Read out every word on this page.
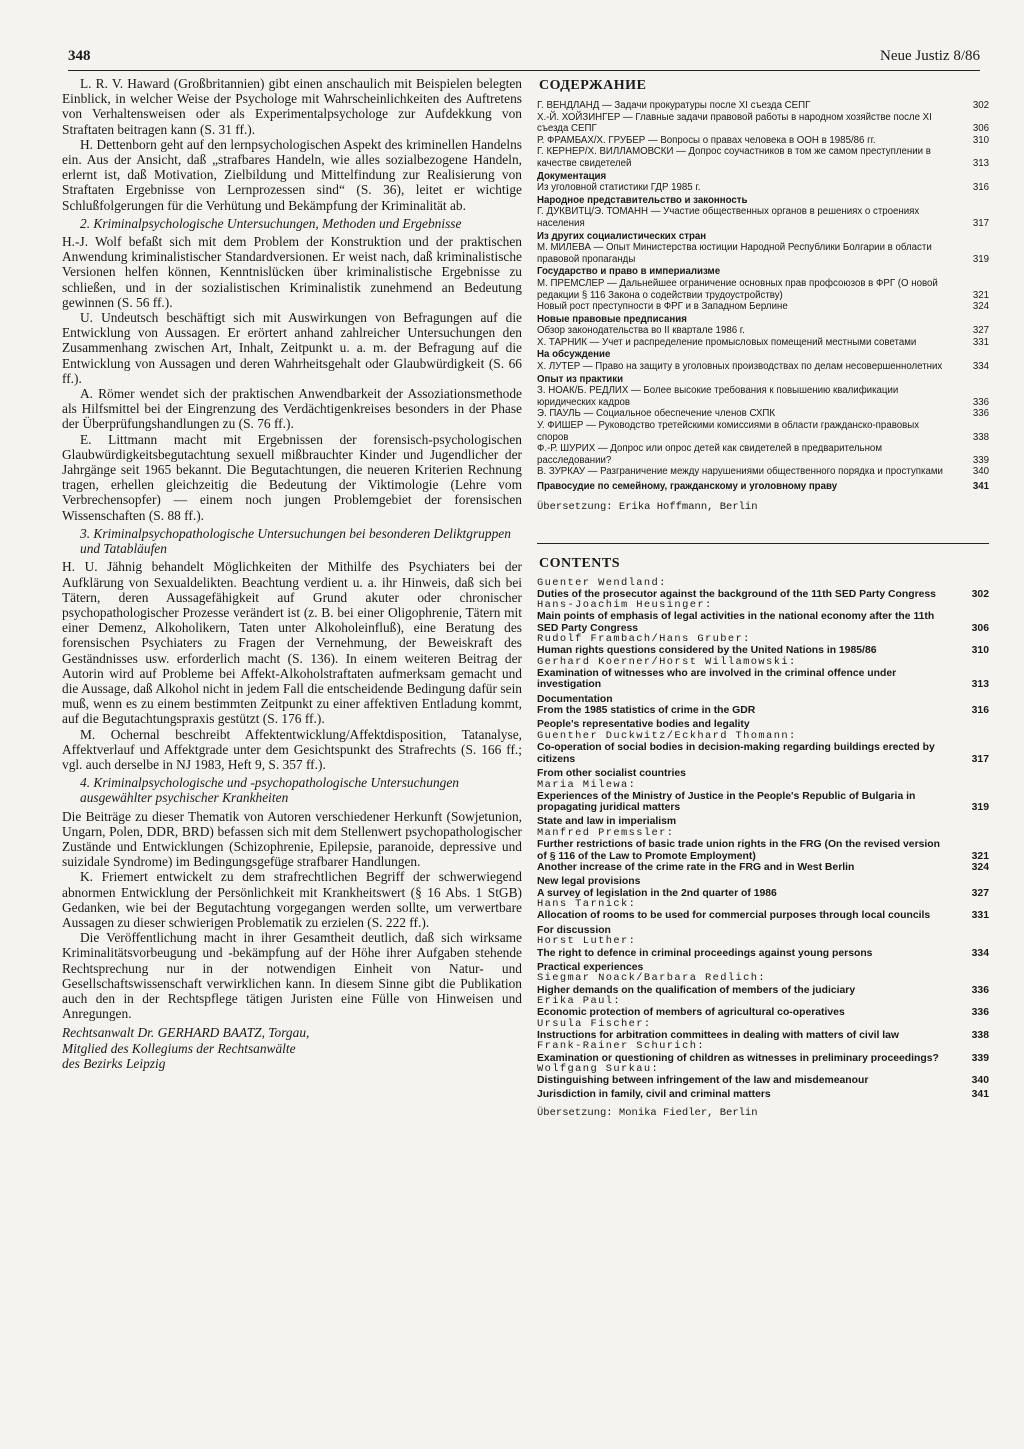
348	Neue Justiz 8/86

L. R. V. Haward (Großbritannien) gibt einen anschaulich mit Beispielen belegten Einblick, in welcher Weise der Psychologe mit Wahrscheinlichkeiten des Auftretens von Verhaltensweisen oder als Experimentalpsychologe zur Aufdekkung von Straftaten beitragen kann (S. 31 ff.).

H. Dettenborn geht auf den lernpsychologischen Aspekt des kriminellen Handelns ein. Aus der Ansicht, daß „strafbares Handeln, wie alles sozialbezogene Handeln, erlernt ist, daß Motivation, Zielbildung und Mittelfindung zur Realisierung von Straftaten Ergebnisse von Lernprozessen sind“ (S. 36), leitet er wichtige Schlußfolgerungen für die Verhütung und Bekämpfung der Kriminalität ab.

2. Kriminalpsychologische Untersuchungen, Methoden und Ergebnisse

H.-J. Wolf befaßt sich mit dem Problem der Konstruktion und der praktischen Anwendung kriminalistischer Standardversionen. Er weist nach, daß kriminalistische Versionen helfen können, Kenntnislücken über kriminalistische Ergebnisse zu schließen, und in der sozialistischen Kriminalistik zunehmend an Bedeutung gewinnen (S. 56 ff.).

U. Undeutsch beschäftigt sich mit Auswirkungen von Befragungen auf die Entwicklung von Aussagen. Er erörtert anhand zahlreicher Untersuchungen den Zusammenhang zwischen Art, Inhalt, Zeitpunkt u. a. m. der Befragung auf die Entwicklung von Aussagen und deren Wahrheitsgehalt oder Glaubwürdigkeit (S. 66 ff.).

A. Römer wendet sich der praktischen Anwendbarkeit der Assoziationsmethode als Hilfsmittel bei der Eingrenzung des Verdächtigenkreises besonders in der Phase der Überprüfungshandlungen zu (S. 76 ff.).

E. Littmann macht mit Ergebnissen der forensisch-psychologischen Glaubwürdigkeitsbegutachtung sexuell mißbrauchter Kinder und Jugendlicher der Jahrgänge seit 1965 bekannt. Die Begutachtungen, die neueren Kriterien Rechnung tragen, erhellen gleichzeitig die Bedeutung der Viktimologie (Lehre vom Verbrechensopfer) — einem noch jungen Problemgebiet der forensischen Wissenschaften (S. 88 ff.).

3. Kriminalpsychopathologische Untersuchungen bei besonderen Deliktgruppen und Tatabläufen

H. U. Jähnig behandelt Möglichkeiten der Mithilfe des Psychiaters bei der Aufklärung von Sexualdelikten. Beachtung verdient u. a. ihr Hinweis, daß sich bei Tätern, deren Aussagefähigkeit auf Grund akuter oder chronischer psychopathologischer Prozesse verändert ist (z. B. bei einer Oligophrenie, Tätern mit einer Demenz, Alkoholikern, Taten unter Alkoholeinfluß), eine Beratung des forensischen Psychiaters zu Fragen der Vernehmung, der Beweiskraft des Geständnisses usw. erforderlich macht (S. 136). In einem weiteren Beitrag der Autorin wird auf Probleme bei Affekt-Alkoholstraftaten aufmerksam gemacht und die Aussage, daß Alkohol nicht in jedem Fall die entscheidende Bedingung dafür sein muß, wenn es zu einem bestimmten Zeitpunkt zu einer affektiven Entladung kommt, auf die Begutachtungspraxis gestützt (S. 176 ff.).

M. Ochernal beschreibt Affektentwicklung/Affektdisposition, Tatanalyse, Affektverlauf und Affektgrade unter dem Gesichtspunkt des Strafrechts (S. 166 ff.; vgl. auch derselbe in NJ 1983, Heft 9, S. 357 ff.).

4. Kriminalpsychologische und -psychopathologische Untersuchungen ausgewählter psychischer Krankheiten

Die Beiträge zu dieser Thematik von Autoren verschiedener Herkunft (Sowjetunion, Ungarn, Polen, DDR, BRD) befassen sich mit dem Stellenwert psychopathologischer Zustände und Entwicklungen (Schizophrenie, Epilepsie, paranoide, depressive und suizidale Syndrome) im Bedingungsgefüge strafbarer Handlungen.

K. Friemert entwickelt zu dem strafrechtlichen Begriff der schwerwiegend abnormen Entwicklung der Persönlichkeit mit Krankheitswert (§ 16 Abs. 1 StGB) Gedanken, wie bei der Begutachtung vorgegangen werden sollte, um verwertbare Aussagen zu dieser schwierigen Problematik zu erzielen (S. 222 ff.).

Die Veröffentlichung macht in ihrer Gesamtheit deutlich, daß sich wirksame Kriminalitätsvorbeugung und -bekämpfung auf der Höhe ihrer Aufgaben stehende Rechtsprechung nur in der notwendigen Einheit von Natur- und Gesellschaftswissenschaft verwirklichen kann. In diesem Sinne gibt die Publikation auch den in der Rechtspflege tätigen Juristen eine Fülle von Hinweisen und Anregungen.

Rechtsanwalt Dr. GERHARD BAATZ, Torgau,
Mitglied des Kollegiums der Rechtsanwälte
des Bezirks Leipzig
СОДЕРЖАНИЕ
Г. ВЕНДЛАНД — Задачи прокуратуры после XI съезда СЕПГ	302
Х.-Й. ХОЙЗИНГЕР — Главные задачи правовой работы в народном хозяйстве после XI съезда СЕПГ	306
Р. ФРАМБАХ/Х. ГРУБЕР — Вопросы о правах человека в ООН в 1985/86 гг.	310
Г. КЕРНЕР/Х. ВИЛЛАМОВСКИ — Допрос соучастников в том же самом преступлении в качестве свидетелей	313
Документация
Из уголовной статистики ГДР 1985 г.	316
Народное представительство и законность
Г. ДУКВИТЦ/Э. ТОМАНН — Участие общественных органов в решениях о строениях населения	317
Из других социалистических стран
М. МИЛЕВА — Опыт Министерства юстиции Народной Республики Болгарии в области правовой пропаганды	319
Государство и право в империализме
М. ПРЕМСЛЕР — Дальнейшее ограничение основных прав профсоюзов в ФРГ (О новой редакции § 116 Закона о содействии трудоустройству)	321
Новый рост преступности в ФРГ и в Западном Берлине	324
Новые правовые предписания
Обзор законодательства во II квартале 1986 г.	327
Х. ТАРНИК — Учет и распределение промысловых помещений местными советами	331
На обсуждение
Х. ЛУТЕР — Право на защиту в уголовных производствах по делам несовершеннолетних	334
Опыт из практики
З. НОАК/Б. РЕДЛИХ — Более высокие требования к повышению квалификации юридических кадров	336
Э. ПАУЛЬ — Социальное обеспечение членов СХПК	336
У. ФИШЕР — Руководство третейскими комиссиями в области гражданско-правовых споров	338
Ф.-Р. ШУРИХ — Допрос или опрос детей как свидетелей в предварительном расследовании?	339
В. ЗУРКАУ — Разграничение между нарушениями общественного порядка и проступками	340
Правосудие по семейному, гражданскому и уголовному праву	341
Übersetzung: Erika Hoffmann, Berlin
CONTENTS
Guenter Wendland:
Duties of the prosecutor against the background of the 11th SED Party Congress	302
Hans-Joachim Heusinger:
Main points of emphasis of legal activities in the national economy after the 11th SED Party Congress	306
Rudolf Frambach/Hans Gruber:
Human rights questions considered by the United Nations in 1985/86	310
Gerhard Koerner/Horst Willamowski:
Examination of witnesses who are involved in the criminal offence under investigation	313
Documentation
From the 1985 statistics of crime in the GDR	316
People's representative bodies and legality
Guenther Duckwitz/Eckhard Thomann:
Co-operation of social bodies in decision-making regarding buildings erected by citizens	317
From other socialist countries
Maria Milewa:
Experiences of the Ministry of Justice in the People's Republic of Bulgaria in propagating juridical matters	319
State and law in imperialism
Manfred Premssler:
Further restrictions of basic trade union rights in the FRG (On the revised version of § 116 of the Law to Promote Employment)	321
Another increase of the crime rate in the FRG and in West Berlin	324
New legal provisions
A survey of legislation in the 2nd quarter of 1986	327
Hans Tarnick:
Allocation of rooms to be used for commercial purposes through local councils	331
For discussion
Horst Luther:
The right to defence in criminal proceedings against young persons	334
Practical experiences
Siegmar Noack/Barbara Redlich:
Higher demands on the qualification of members of the judiciary	336
Erika Paul:
Economic protection of members of agricultural co-operatives	336
Ursula Fischer:
Instructions for arbitration committees in dealing with matters of civil law	338
Frank-Rainer Schurich:
Examination or questioning of children as witnesses in preliminary proceedings?	339
Wolfgang Surkau:
Distinguishing between infringement of the law and misdemeanour	340
Jurisdiction in family, civil and criminal matters	341
Übersetzung: Monika Fiedler, Berlin
